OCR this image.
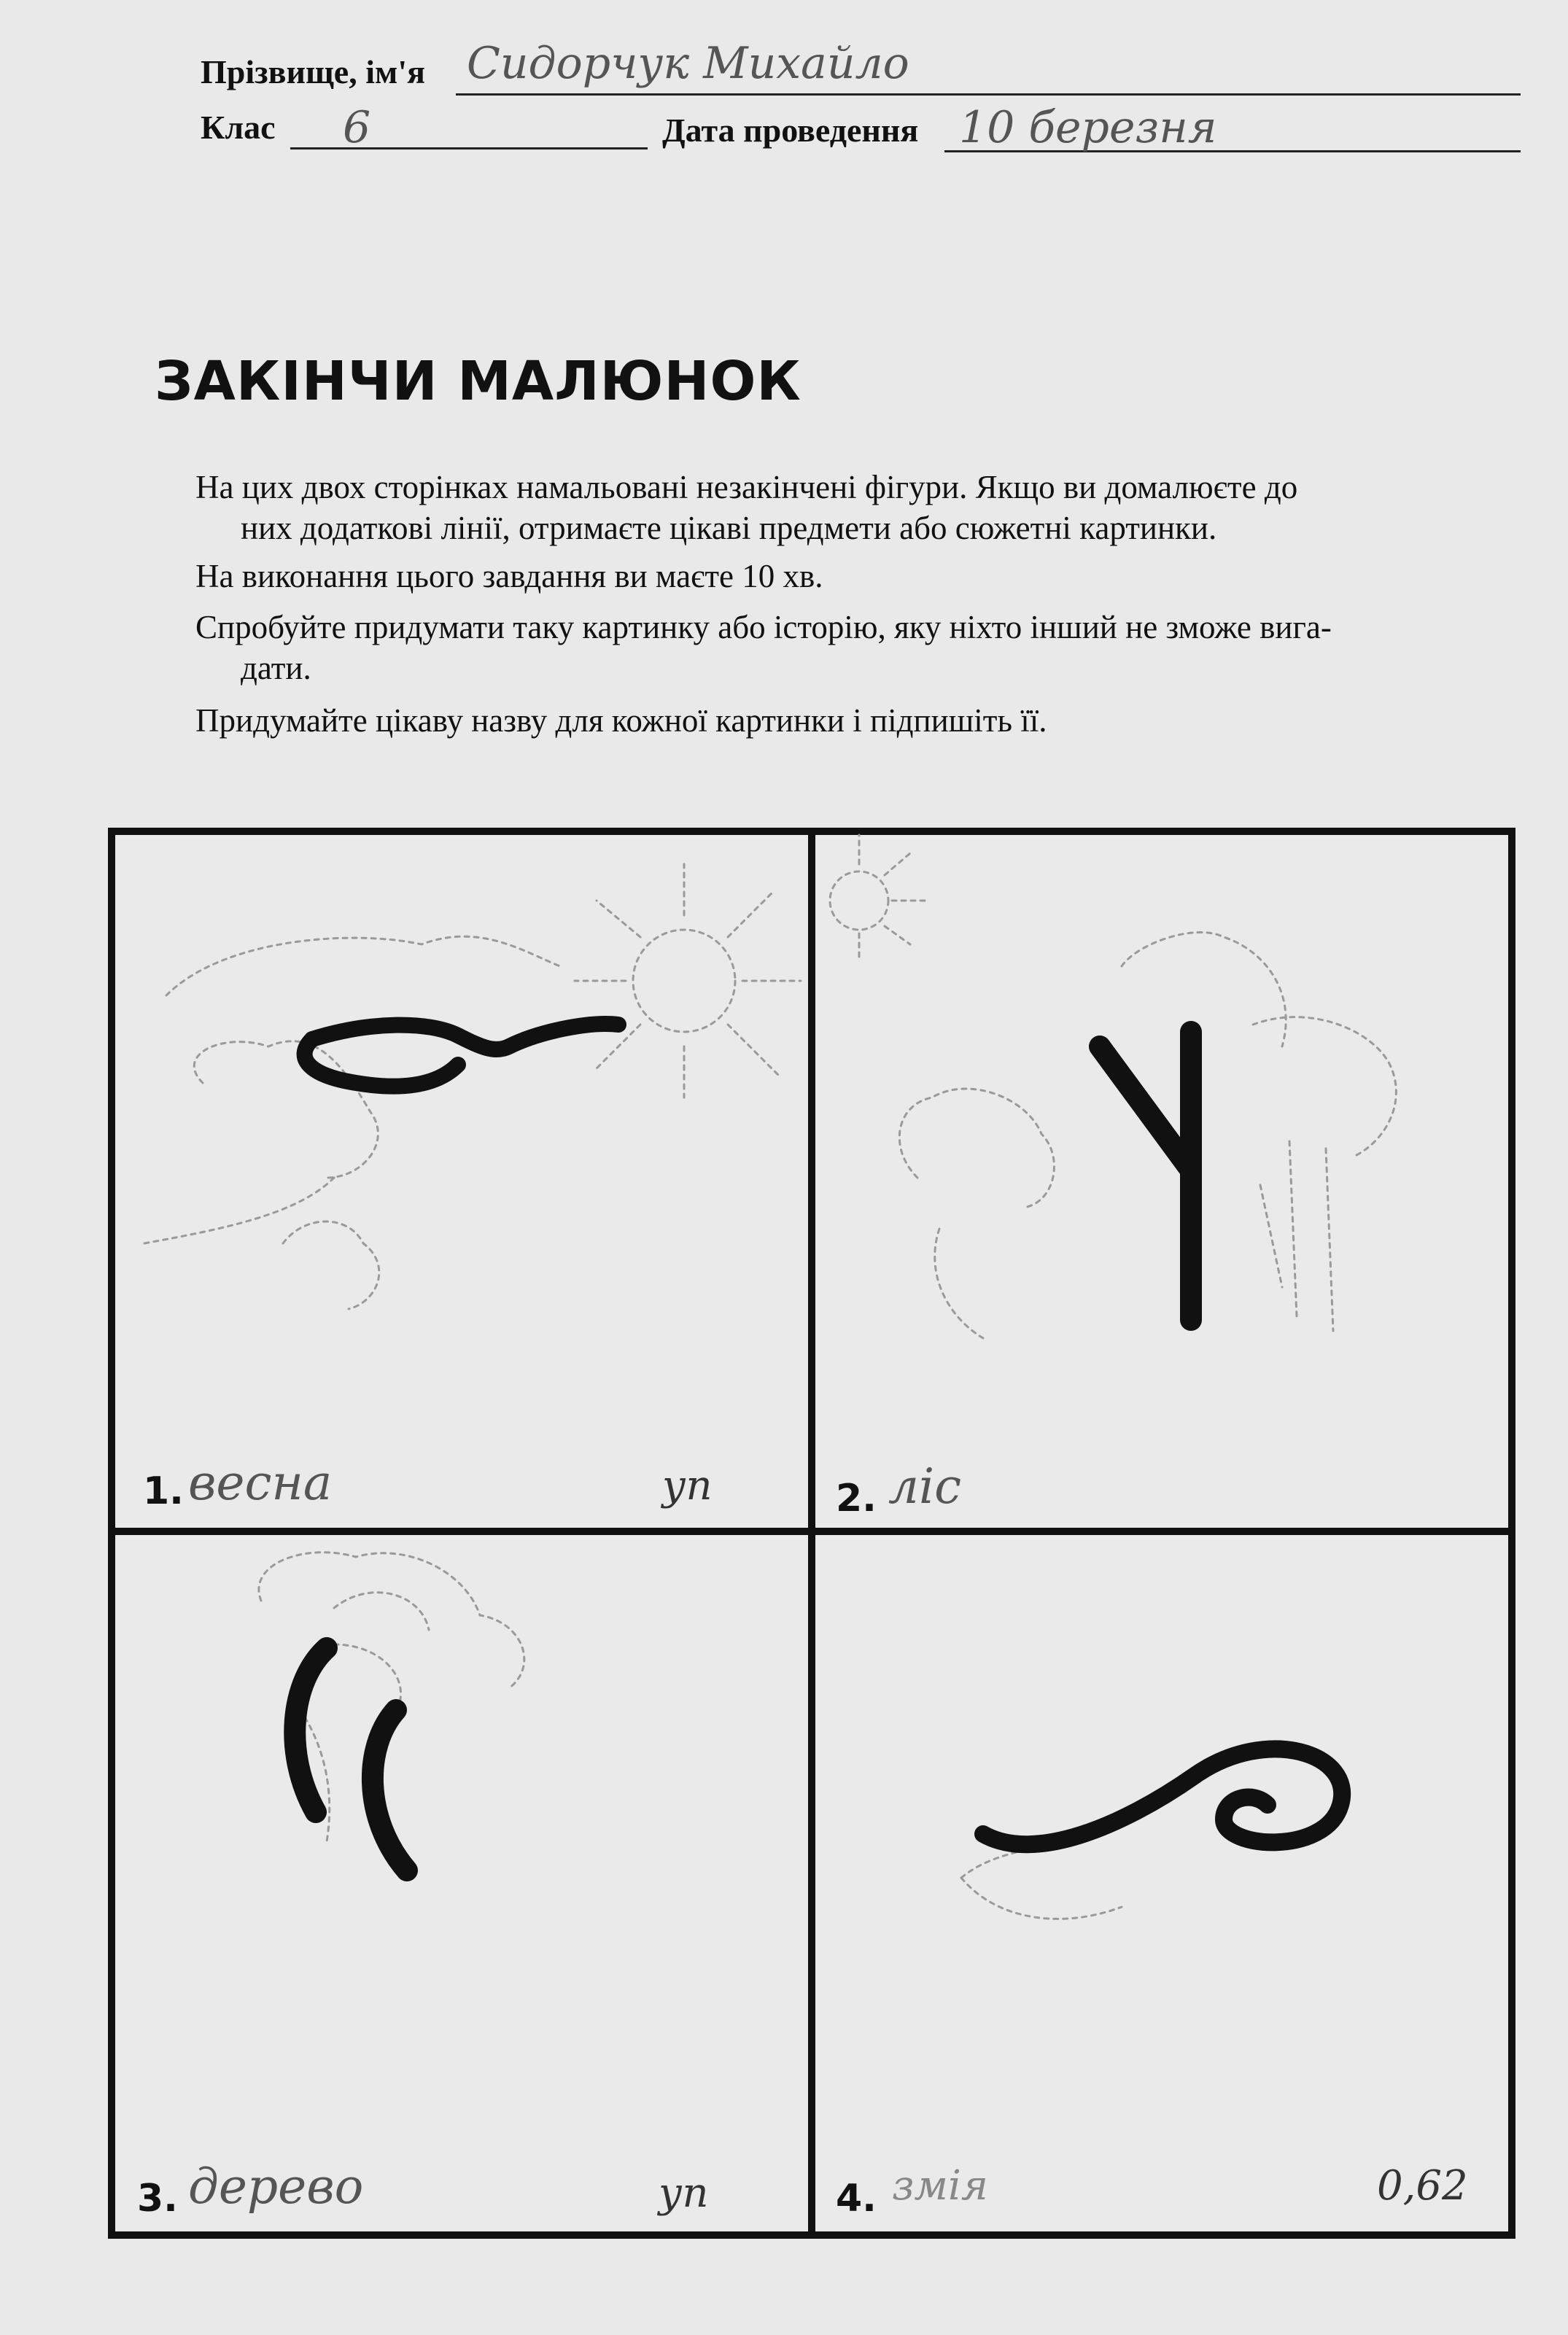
Прізвище, ім'я Сидорчук Михайло
Клас 6	Дата проведення 10 березня
ЗАКІНЧИ МАЛЮНОК
На цих двох сторінках намальовані незакінчені фігури. Якщо ви домалюєте до
них додаткові лінії, отримаєте цікаві предмети або сюжетні картинки.
На виконання цього завдання ви маєте 10 хв.
Спробуйте придумати таку картинку або історію, яку ніхто інший не зможе вига-
дати.
Придумайте цікаву назву для кожної картинки і підпишіть її.
1. весна	уп	2. ліс
3. дерево	уп	4. змія	0,62
